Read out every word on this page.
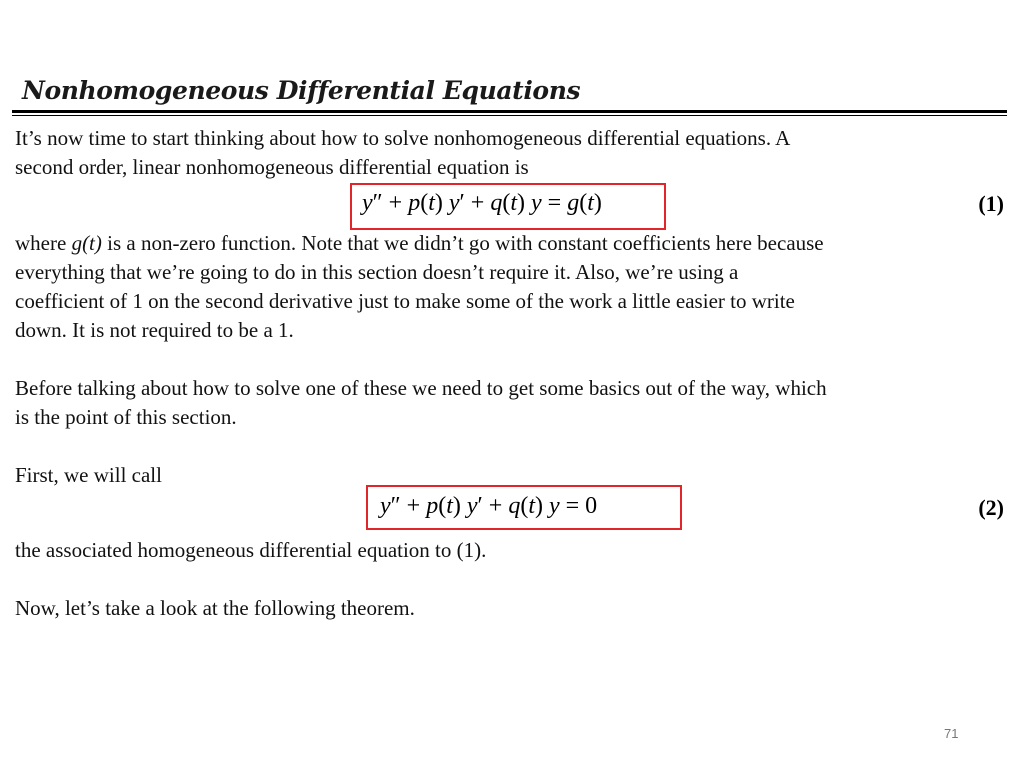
Nonhomogeneous Differential Equations
It’s now time to start thinking about how to solve nonhomogeneous differential equations. A
second order, linear nonhomogeneous differential equation is
y″ + p(t) y′ + q(t) y = g(t)	(1)
where g(t) is a non-zero function. Note that we didn’t go with constant coefficients here because
everything that we’re going to do in this section doesn’t require it. Also, we’re using a
coefficient of 1 on the second derivative just to make some of the work a little easier to write
down. It is not required to be a 1.
Before talking about how to solve one of these we need to get some basics out of the way, which
is the point of this section.
First, we will call
y″ + p(t) y′ + q(t) y = 0	(2)
the associated homogeneous differential equation to (1).
Now, let’s take a look at the following theorem.
71
